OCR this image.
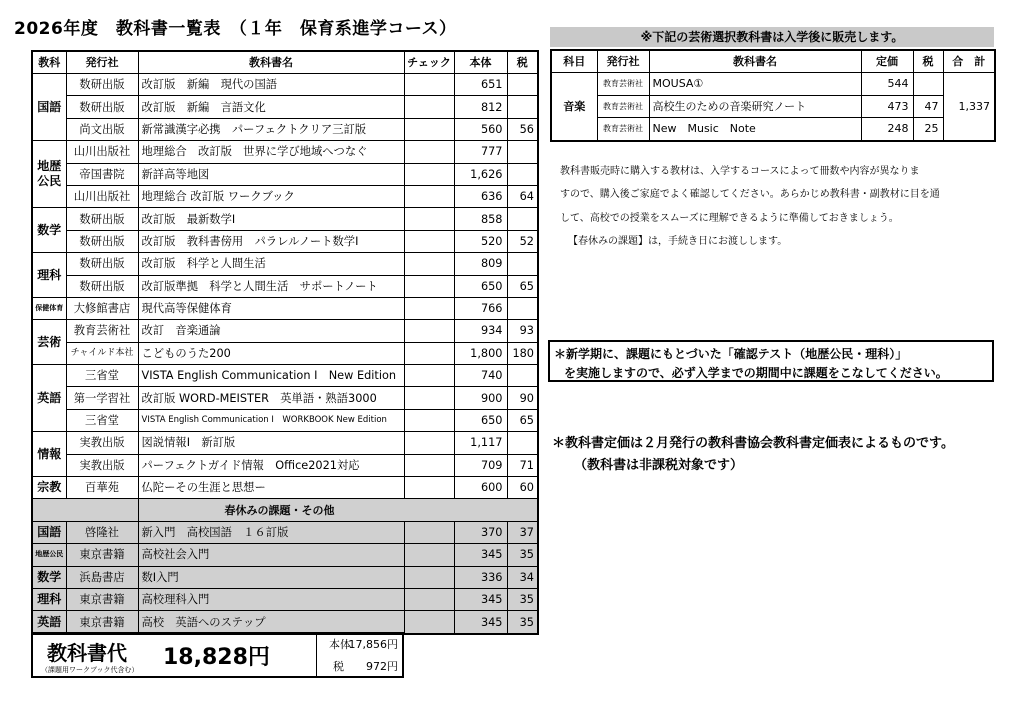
2026年度　教科書一覧表　（１年　保育系進学コース）
教科	発行社	教科書名	チェック	本体	税
国語	数研出版	改訂版　新編　現代の国語		651	
	数研出版	改訂版　新編　言語文化		812	
	尚文出版	新常識漢字必携　パーフェクトクリア三訂版		560	56
地歴公民	山川出版社	地理総合　改訂版　世界に学び地域へつなぐ		777	
	帝国書院	新詳高等地図		1,626	
	山川出版社	地理総合 改訂版 ワークブック		636	64
数学	数研出版	改訂版　最新数学Ⅰ		858	
	数研出版	改訂版　教科書傍用　パラレルノート数学Ⅰ		520	52
理科	数研出版	改訂版　科学と人間生活		809	
	数研出版	改訂版準拠　科学と人間生活　サポートノート		650	65
保健体育	大修館書店	現代高等保健体育		766	
芸術	教育芸術社	改訂　音楽通論		934	93
	チャイルド本社	こどものうた200		1,800	180
英語	三省堂	VISTA English Communication Ⅰ　New Edition		740	
	第一学習社	改訂版 WORD-MEISTER　英単語・熟語3000		900	90
	三省堂	VISTA English Communication Ⅰ　WORKBOOK New Edition		650	65
情報	実教出版	図説情報Ⅰ　新訂版		1,117	
	実教出版	パーフェクトガイド情報　Office2021対応		709	71
宗教	百華苑	仏陀ーその生涯と思想ー		600	60
		春休みの課題・その他			
国語	啓隆社	新入門　高校国語　１６訂版		370	37
地歴公民	東京書籍	高校社会入門		345	35
数学	浜島書店	数Ⅰ入門		336	34
理科	東京書籍	高校理科入門		345	35
英語	東京書籍	高校　英語へのステップ		345	35
教科書代
（課題用ワークブック代含む） 18,828円
本体
17,856円
税 972円
※下記の芸術選択教科書は入学後に販売します。
科目	発行社	教科書名	定価	税	合　計
音楽	教育芸術社	MOUSA①	544		1,337
	教育芸術社	高校生のための音楽研究ノート	473	47	
	教育芸術社	New　Music　Note	248	25	
教科書販売時に購入する教材は、入学するコースによって冊数や内容が異なりま
すので、購入後ご家庭でよく確認してください。あらかじめ教科書・副教材に目を通
して、高校での授業をスムーズに理解できるように準備しておきましょう。
【春休みの課題】は，手続き日にお渡しします。
＊新学期に、課題にもとづいた「確認テスト（地歴公民・理科）」
を実施しますので、必ず入学までの期間中に課題をこなしてください。
＊教科書定価は２月発行の教科書協会教科書定価表によるものです。
（教科書は非課税対象です）
